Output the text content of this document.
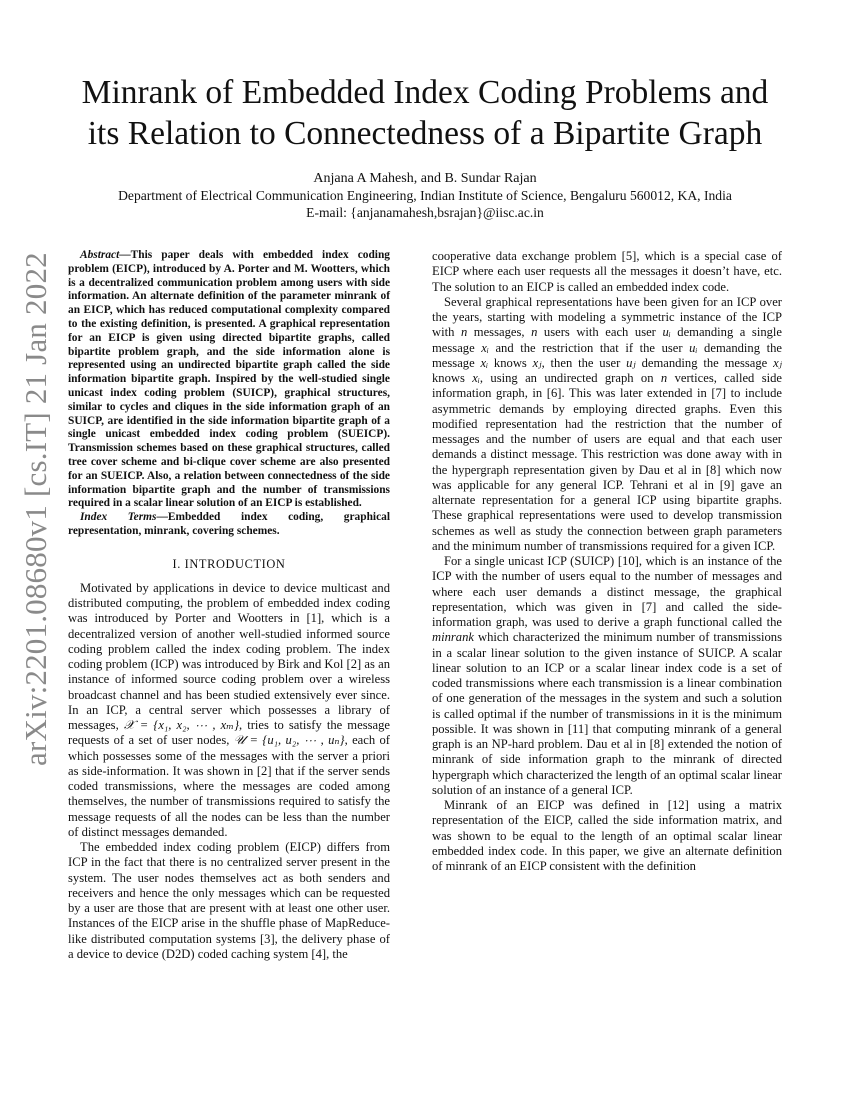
arXiv:2201.08680v1 [cs.IT] 21 Jan 2022
Minrank of Embedded Index Coding Problems and
its Relation to Connectedness of a Bipartite Graph
Anjana A Mahesh, and B. Sundar Rajan
Department of Electrical Communication Engineering, Indian Institute of Science, Bengaluru 560012, KA, India
E-mail: {anjanamahesh,bsrajan}@iisc.ac.in

Abstract—This paper deals with embedded index coding problem (EICP), introduced by A. Porter and M. Wootters, which is a decentralized communication problem among users with side information. An alternate definition of the parameter minrank of an EICP, which has reduced computational complexity compared to the existing definition, is presented. A graphical representation for an EICP is given using directed bipartite graphs, called bipartite problem graph, and the side information alone is represented using an undirected bipartite graph called the side information bipartite graph. Inspired by the well-studied single unicast index coding problem (SUICP), graphical structures, similar to cycles and cliques in the side information graph of an SUICP, are identified in the side information bipartite graph of a single unicast embedded index coding problem (SUEICP). Transmission schemes based on these graphical structures, called tree cover scheme and bi-clique cover scheme are also presented for an SUEICP. Also, a relation between connectedness of the side information bipartite graph and the number of transmissions required in a scalar linear solution of an EICP is established.

Index Terms—Embedded index coding, graphical representation, minrank, covering schemes.

I. INTRODUCTION

Motivated by applications in device to device multicast and distributed computing, the problem of embedded index coding was introduced by Porter and Wootters in [1], which is a decentralized version of another well-studied informed source coding problem called the index coding problem. The index coding problem (ICP) was introduced by Birk and Kol [2] as an instance of informed source coding problem over a wireless broadcast channel and has been studied extensively ever since. In an ICP, a central server which possesses a library of messages, 𝒳 = {x₁, x₂, ⋯ , xₘ}, tries to satisfy the message requests of a set of user nodes, 𝒰 = {u₁, u₂, ⋯ , uₙ}, each of which possesses some of the messages with the server a priori as side-information. It was shown in [2] that if the server sends coded transmissions, where the messages are coded among themselves, the number of transmissions required to satisfy the message requests of all the nodes can be less than the number of distinct messages demanded.

The embedded index coding problem (EICP) differs from ICP in the fact that there is no centralized server present in the system. The user nodes themselves act as both senders and receivers and hence the only messages which can be requested by a user are those that are present with at least one other user. Instances of the EICP arise in the shuffle phase of MapReduce-like distributed computation systems [3], the delivery phase of a device to device (D2D) coded caching system [4], the

cooperative data exchange problem [5], which is a special case of EICP where each user requests all the messages it doesn’t have, etc. The solution to an EICP is called an embedded index code.

Several graphical representations have been given for an ICP over the years, starting with modeling a symmetric instance of the ICP with n messages, n users with each user uᵢ demanding a single message xᵢ and the restriction that if the user uᵢ demanding the message xᵢ knows xⱼ, then the user uⱼ demanding the message xⱼ knows xᵢ, using an undirected graph on n vertices, called side information graph, in [6]. This was later extended in [7] to include asymmetric demands by employing directed graphs. Even this modified representation had the restriction that the number of messages and the number of users are equal and that each user demands a distinct message. This restriction was done away with in the hypergraph representation given by Dau et al in [8] which now was applicable for any general ICP. Tehrani et al in [9] gave an alternate representation for a general ICP using bipartite graphs. These graphical representations were used to develop transmission schemes as well as study the connection between graph parameters and the minimum number of transmissions required for a given ICP.

For a single unicast ICP (SUICP) [10], which is an instance of the ICP with the number of users equal to the number of messages and where each user demands a distinct message, the graphical representation, which was given in [7] and called the side-information graph, was used to derive a graph functional called the minrank which characterized the minimum number of transmissions in a scalar linear solution to the given instance of SUICP. A scalar linear solution to an ICP or a scalar linear index code is a set of coded transmissions where each transmission is a linear combination of one generation of the messages in the system and such a solution is called optimal if the number of transmissions in it is the minimum possible. It was shown in [11] that computing minrank of a general graph is an NP-hard problem. Dau et al in [8] extended the notion of minrank of side information graph to the minrank of directed hypergraph which characterized the length of an optimal scalar linear solution of an instance of a general ICP.

Minrank of an EICP was defined in [12] using a matrix representation of the EICP, called the side information matrix, and was shown to be equal to the length of an optimal scalar linear embedded index code. In this paper, we give an alternate definition of minrank of an EICP consistent with the definition
